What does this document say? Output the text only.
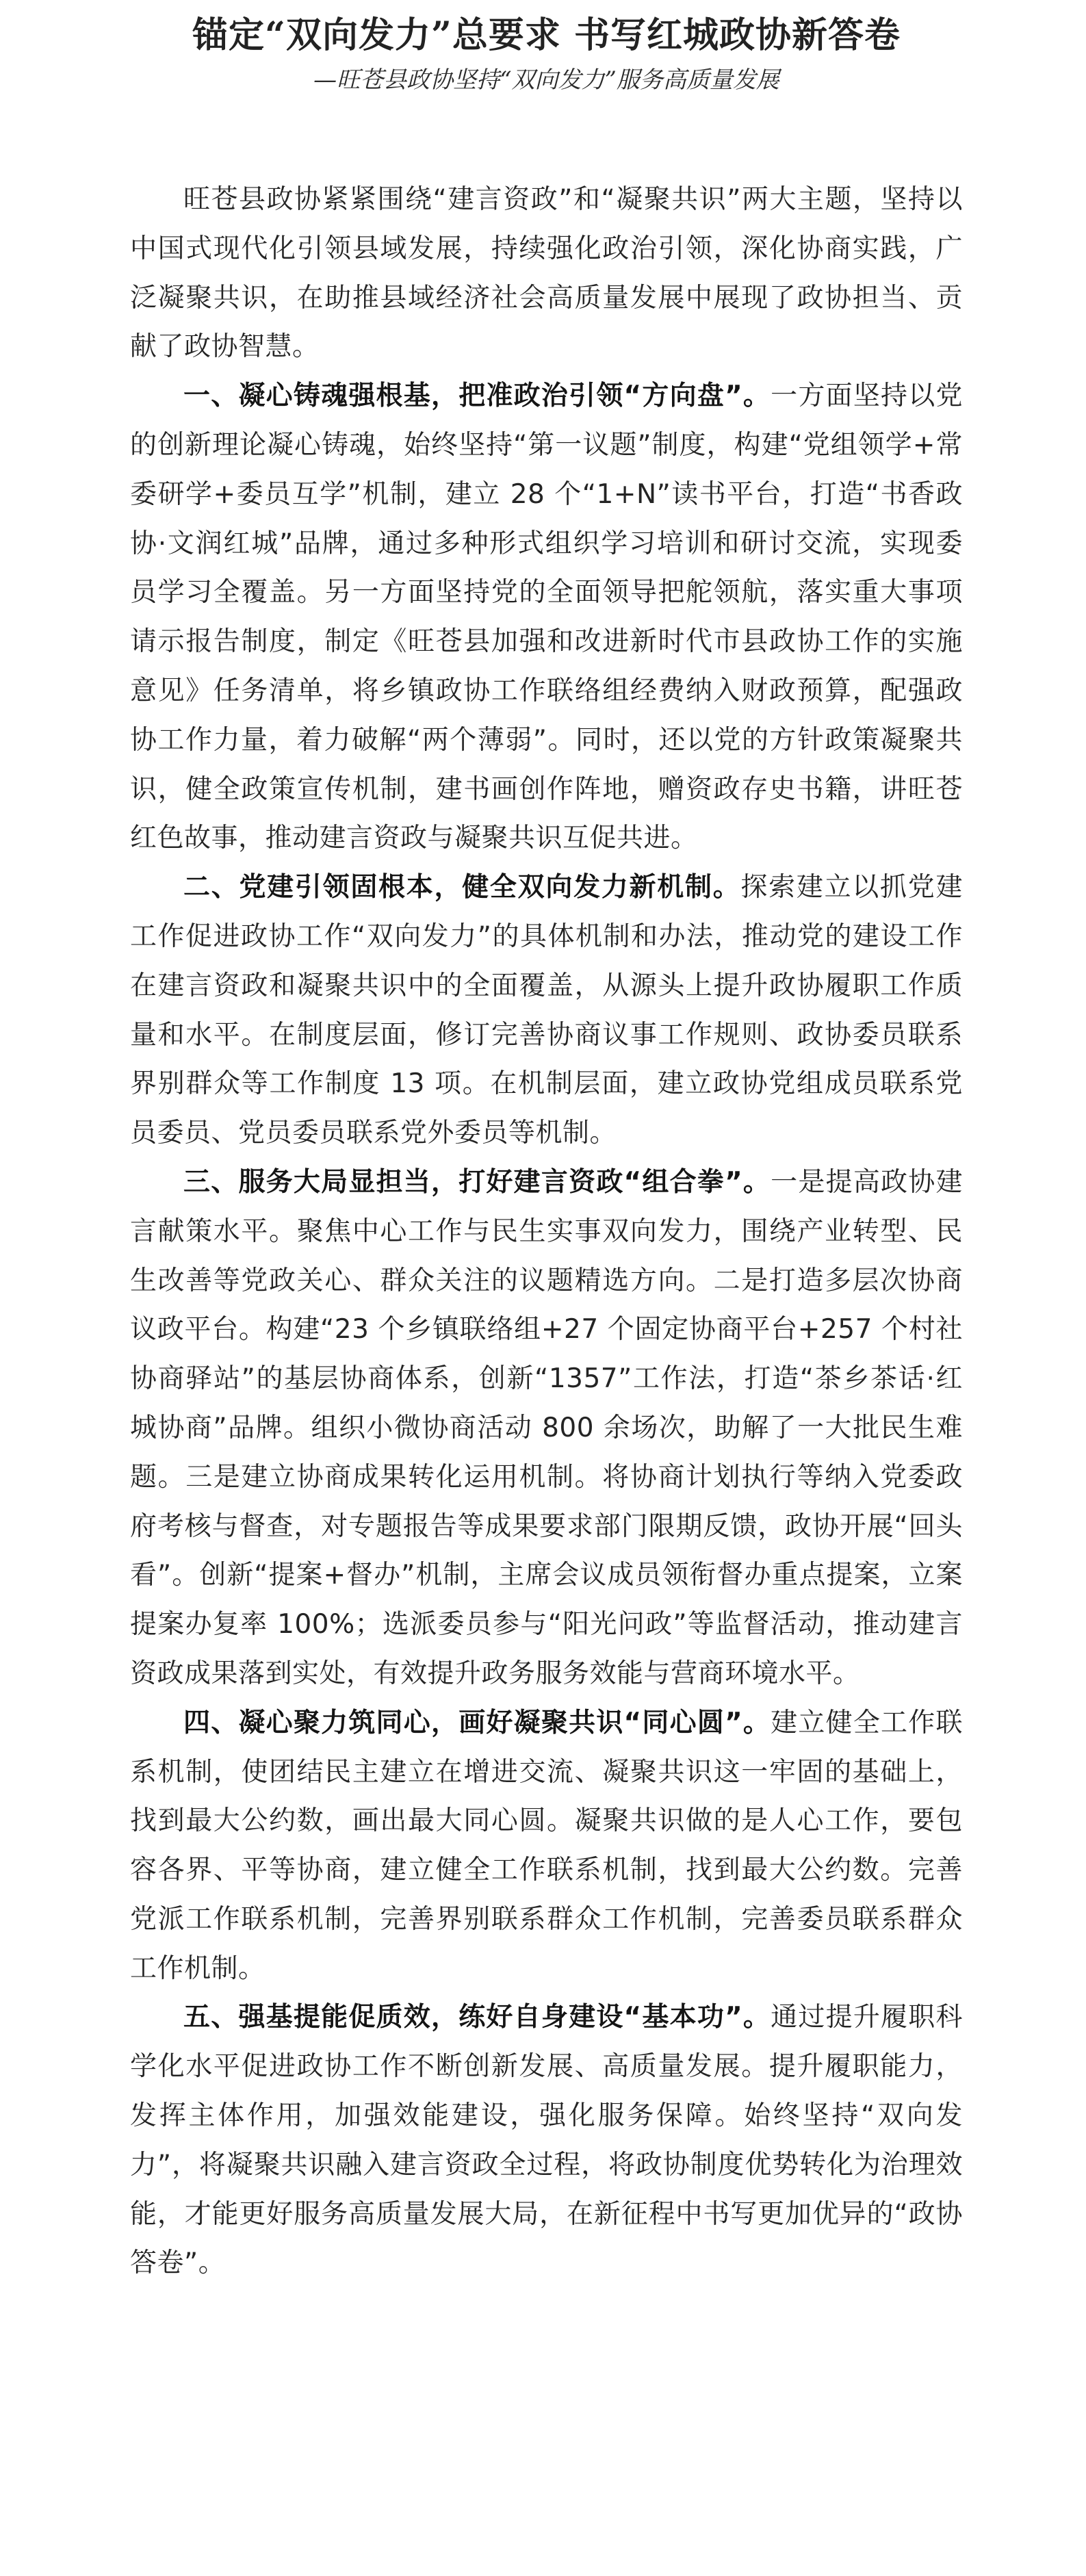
锚定“双向发力”总要求 书写红城政协新答卷
—旺苍县政协坚持“双向发力”服务高质量发展

旺苍县政协紧紧围绕“建言资政”和“凝聚共识”两大主题，坚持以中国式现代化引领县域发展，持续强化政治引领，深化协商实践，广泛凝聚共识，在助推县域经济社会高质量发展中展现了政协担当、贡献了政协智慧。

一、凝心铸魂强根基，把准政治引领“方向盘”。一方面坚持以党的创新理论凝心铸魂，始终坚持“第一议题”制度，构建“党组领学+常委研学+委员互学”机制，建立 28 个“1+N”读书平台，打造“书香政协·文润红城”品牌，通过多种形式组织学习培训和研讨交流，实现委员学习全覆盖。另一方面坚持党的全面领导把舵领航，落实重大事项请示报告制度，制定《旺苍县加强和改进新时代市县政协工作的实施意见》任务清单，将乡镇政协工作联络组经费纳入财政预算，配强政协工作力量，着力破解“两个薄弱”。同时，还以党的方针政策凝聚共识，健全政策宣传机制，建书画创作阵地，赠资政存史书籍，讲旺苍红色故事，推动建言资政与凝聚共识互促共进。

二、党建引领固根本，健全双向发力新机制。探索建立以抓党建工作促进政协工作“双向发力”的具体机制和办法，推动党的建设工作在建言资政和凝聚共识中的全面覆盖，从源头上提升政协履职工作质量和水平。在制度层面，修订完善协商议事工作规则、政协委员联系界别群众等工作制度 13 项。在机制层面，建立政协党组成员联系党员委员、党员委员联系党外委员等机制。

三、服务大局显担当，打好建言资政“组合拳”。一是提高政协建言献策水平。聚焦中心工作与民生实事双向发力，围绕产业转型、民生改善等党政关心、群众关注的议题精选方向。二是打造多层次协商议政平台。构建“23 个乡镇联络组+27 个固定协商平台+257 个村社协商驿站”的基层协商体系，创新“1357”工作法，打造“茶乡茶话·红城协商”品牌。组织小微协商活动 800 余场次，助解了一大批民生难题。三是建立协商成果转化运用机制。将协商计划执行等纳入党委政府考核与督查，对专题报告等成果要求部门限期反馈，政协开展“回头看”。创新“提案+督办”机制，主席会议成员领衔督办重点提案，立案提案办复率 100%；选派委员参与“阳光问政”等监督活动，推动建言资政成果落到实处，有效提升政务服务效能与营商环境水平。

四、凝心聚力筑同心，画好凝聚共识“同心圆”。建立健全工作联系机制，使团结民主建立在增进交流、凝聚共识这一牢固的基础上，找到最大公约数，画出最大同心圆。凝聚共识做的是人心工作，要包容各界、平等协商，建立健全工作联系机制，找到最大公约数。完善党派工作联系机制，完善界别联系群众工作机制，完善委员联系群众工作机制。

五、强基提能促质效，练好自身建设“基本功”。通过提升履职科学化水平促进政协工作不断创新发展、高质量发展。提升履职能力，发挥主体作用，加强效能建设，强化服务保障。始终坚持“双向发力”，将凝聚共识融入建言资政全过程，将政协制度优势转化为治理效能，才能更好服务高质量发展大局，在新征程中书写更加优异的“政协答卷”。
